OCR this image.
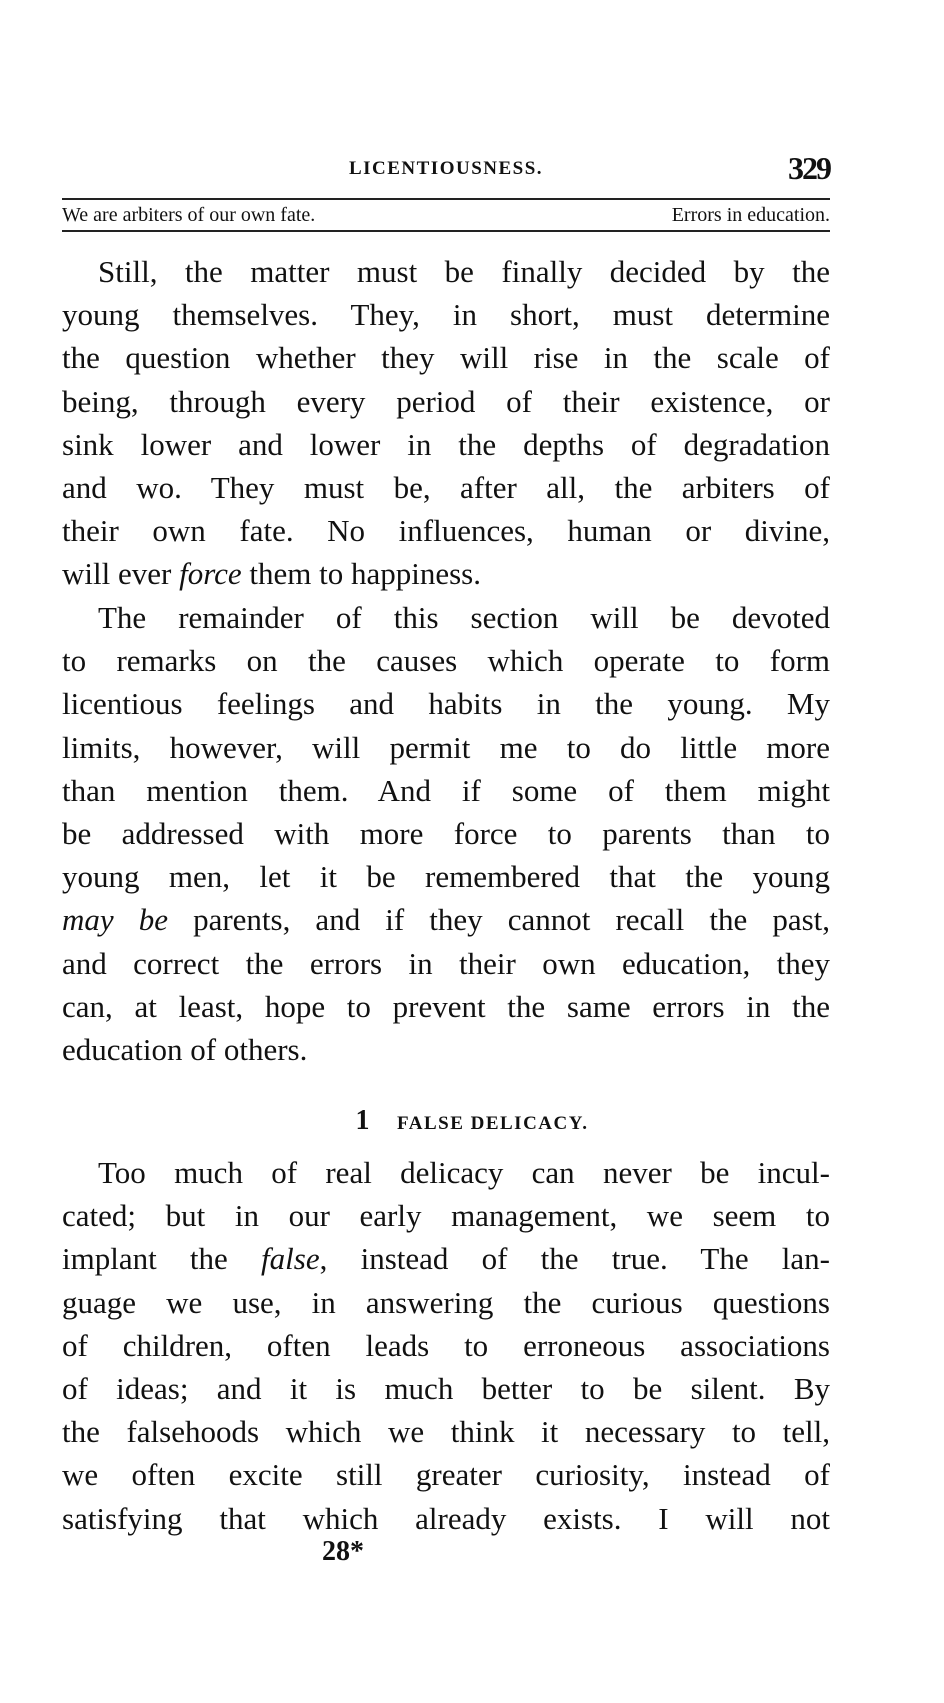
LICENTIOUSNESS.	329
We are arbiters of our own fate.	Errors in education.
Still, the matter must be finally decided by the
young themselves. They, in short, must determine
the question whether they will rise in the scale of
being, through every period of their existence, or
sink lower and lower in the depths of degradation
and wo. They must be, after all, the arbiters of
their own fate. No influences, human or divine,
will ever force them to happiness.
The remainder of this section will be devoted
to remarks on the causes which operate to form
licentious feelings and habits in the young. My
limits, however, will permit me to do little more
than mention them. And if some of them might
be addressed with more force to parents than to
young men, let it be remembered that the young
may be parents, and if they cannot recall the past,
and correct the errors in their own education, they
can, at least, hope to prevent the same errors in the
education of others.
1 FALSE DELICACY.
Too much of real delicacy can never be incul-
cated; but in our early management, we seem to
implant the false, instead of the true. The lan-
guage we use, in answering the curious questions
of children, often leads to erroneous associations
of ideas; and it is much better to be silent. By
the falsehoods which we think it necessary to tell,
we often excite still greater curiosity, instead of
satisfying that which already exists. I will not
28*
